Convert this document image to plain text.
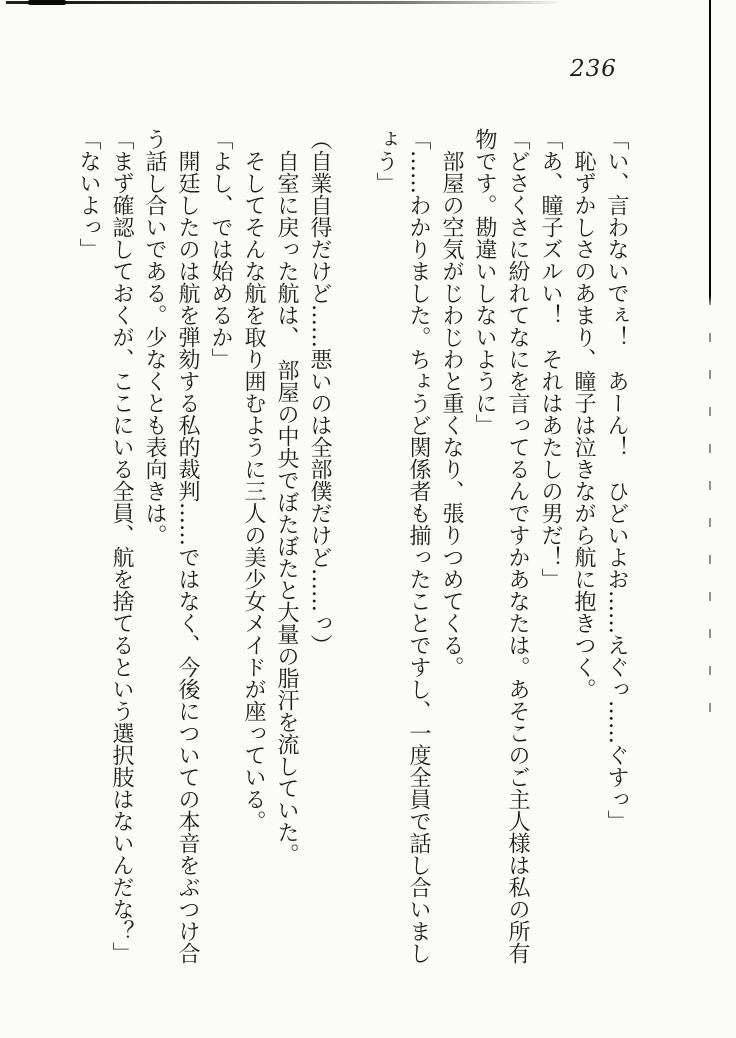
236

「い、言わないでぇ！　あーん！　ひどいよお……えぐっ……ぐすっ」

　恥ずかしさのあまり、瞳子は泣きながら航に抱きつく。

「あ、瞳子ズルい！　それはあたしの男だ！」

「どさくさに紛れてなにを言ってるんですかあなたは。あそこのご主人様は私の所有物です。勘違いしないように」

　部屋の空気がじわじわと重くなり、張りつめてくる。

「……わかりました。ちょうど関係者も揃ったことですし、一度全員で話し合いましょう」

（自業自得だけど……悪いのは全部僕だけど……っ）

　自室に戻った航は、　部屋の中央でぼたぼたと大量の脂汗を流していた。

　そしてそんな航を取り囲むように三人の美少女メイドが座っている。

「よし、では始めるか」

　開廷したのは航を弾劾する私的裁判……ではなく、今後についての本音をぶつけ合う話し合いである。少なくとも表向きは。

「まず確認しておくが、ここにいる全員、航を捨てるという選択肢はないんだな？」

「ないよっ」
